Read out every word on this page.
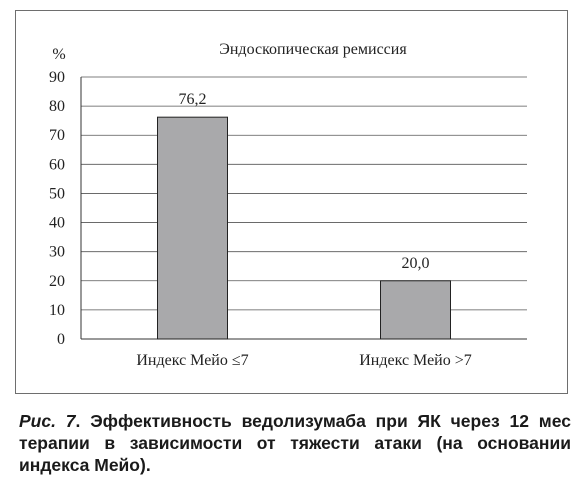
0
10
20
30
40
50
60
70
80
90
76,2
Индекс Мейо ≤7
20,0
Индекс Мейо >7
Эндоскопическая ремиссия
%
Рис. 7. Эффективность ведолизумаба при ЯК через 12 мес терапии в зависимости от тяжести атаки (на основании индекса Мейо).
